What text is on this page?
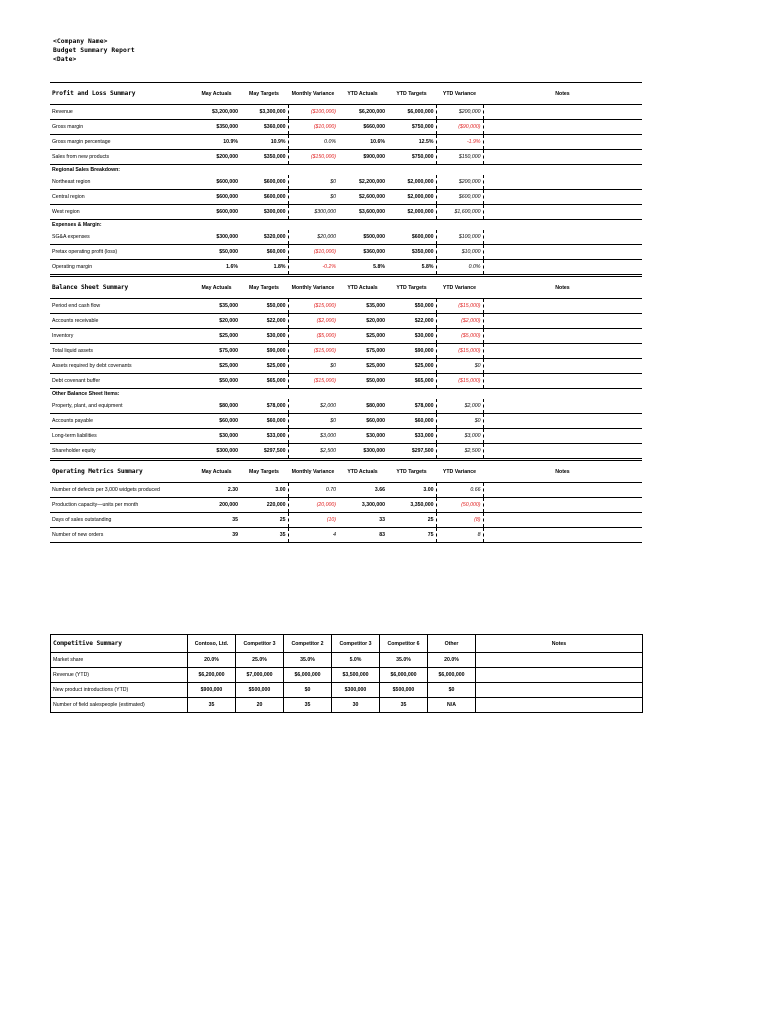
<Company Name>
Budget Summary Report
<Date>
Profit and Loss Summary	May Actuals	May Targets	Monthly Variance	YTD Actuals	YTD Targets	YTD Variance	Notes
Revenue	$3,200,000	$3,300,000	($100,000)	$6,200,000	$6,000,000	$200,000	
Gross margin	$350,000	$360,000	($10,000)	$660,000	$750,000	($90,000)	
Gross margin percentage	10.9%	10.9%	0.0%	10.6%	12.5%	-1.9%	
Sales from new products	$200,000	$350,000	($150,000)	$900,000	$750,000	$150,000	
Regional Sales Breakdown:							
Northeast region	$600,000	$600,000	$0	$2,200,000	$2,000,000	$200,000	
Central region	$600,000	$600,000	$0	$2,600,000	$2,000,000	$600,000	
West region	$600,000	$300,000	$300,000	$3,600,000	$2,000,000	$1,600,000	
Expenses & Margin:							
SG&A expenses	$300,000	$320,000	$20,000	$500,000	$600,000	$100,000	
Pretax operating profit (loss)	$50,000	$60,000	($10,000)	$360,000	$350,000	$10,000	
Operating margin	1.6%	1.8%	-0.2%	5.8%	5.8%	0.0%	
Balance Sheet Summary	May Actuals	May Targets	Monthly Variance	YTD Actuals	YTD Targets	YTD Variance	Notes
Period end cash flow	$35,000	$50,000	($15,000)	$35,000	$50,000	($15,000)	
Accounts receivable	$20,000	$22,000	($2,000)	$20,000	$22,000	($2,000)	
Inventory	$25,000	$30,000	($5,000)	$25,000	$30,000	($5,000)	
Total liquid assets	$75,000	$90,000	($15,000)	$75,000	$90,000	($15,000)	
Assets required by debt covenants	$25,000	$25,000	$0	$25,000	$25,000	$0	
Debt covenant buffer	$50,000	$65,000	($15,000)	$50,000	$65,000	($15,000)	
Other Balance Sheet Items:							
Property, plant, and equipment	$80,000	$78,000	$2,000	$80,000	$78,000	$2,000	
Accounts payable	$60,000	$60,000	$0	$60,000	$60,000	$0	
Long-term liabilities	$30,000	$33,000	$3,000	$30,000	$33,000	$3,000	
Shareholder equity	$300,000	$297,500	$2,500	$300,000	$297,500	$2,500	
Operating Metrics Summary	May Actuals	May Targets	Monthly Variance	YTD Actuals	YTD Targets	YTD Variance	Notes
Number of defects per 3,000 widgets produced	2.30	3.00	0.70	3.66	3.00	0.66	
Production capacity—units per month	200,000	220,000	(20,000)	3,300,000	3,350,000	(50,000)	
Days of sales outstanding	35	25	(10)	33	25	(8)	
Number of new orders	39	35	4	83	75	8	
Competitive Summary	Contoso, Ltd.	Competitor 3	Competitor 2	Competitor 3	Competitor 6	Other	Notes
Market share	20.0%	25.0%	35.0%	5.0%	35.0%	20.0%	
Revenue (YTD)	$6,200,000	$7,000,000	$6,000,000	$3,500,000	$6,000,000	$6,000,000	
New product introductions (YTD)	$900,000	$500,000	$0	$300,000	$500,000	$0	
Number of field salespeople (estimated)	35	20	35	30	35	N/A	
